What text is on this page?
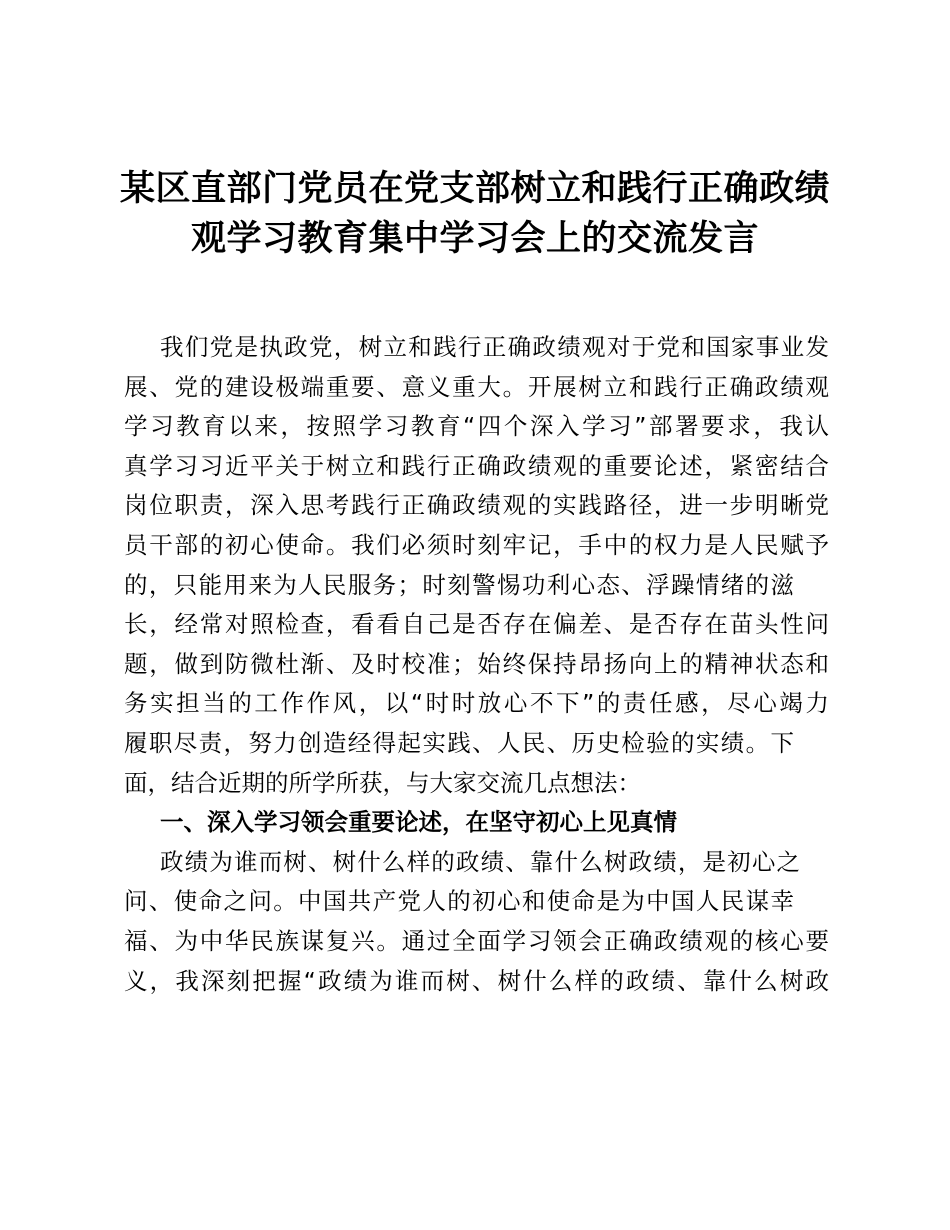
某区直部门党员在党支部树立和践行正确政绩
观学习教育集中学习会上的交流发言
我们党是执政党，树立和践行正确政绩观对于党和国家事业发
展、党的建设极端重要、意义重大。开展树立和践行正确政绩观
学习教育以来，按照学习教育“四个深入学习”部署要求，我认
真学习习近平关于树立和践行正确政绩观的重要论述，紧密结合
岗位职责，深入思考践行正确政绩观的实践路径，进一步明晰党
员干部的初心使命。我们必须时刻牢记，手中的权力是人民赋予
的，只能用来为人民服务；时刻警惕功利心态、浮躁情绪的滋
长，经常对照检查，看看自己是否存在偏差、是否存在苗头性问
题，做到防微杜渐、及时校准；始终保持昂扬向上的精神状态和
务实担当的工作作风，以“时时放心不下”的责任感，尽心竭力
履职尽责，努力创造经得起实践、人民、历史检验的实绩。下
面，结合近期的所学所获，与大家交流几点想法：
一、深入学习领会重要论述，在坚守初心上见真情
政绩为谁而树、树什么样的政绩、靠什么树政绩，是初心之
问、使命之问。中国共产党人的初心和使命是为中国人民谋幸
福、为中华民族谋复兴。通过全面学习领会正确政绩观的核心要
义，我深刻把握“政绩为谁而树、树什么样的政绩、靠什么树政
